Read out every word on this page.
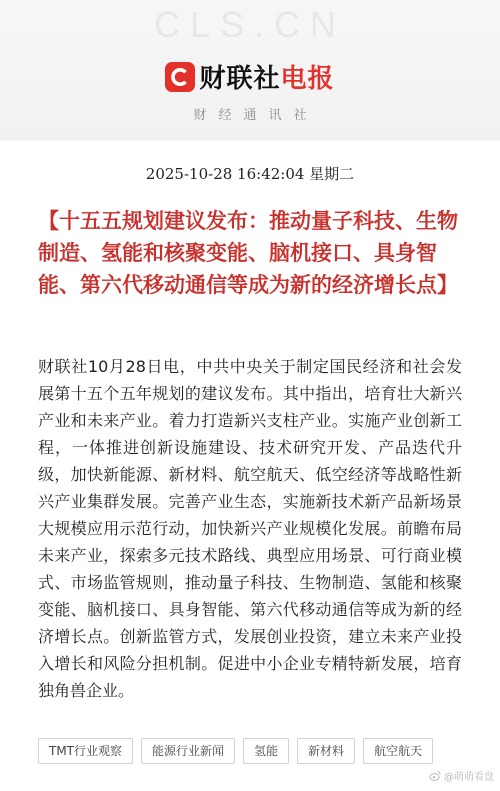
CLS.CN
财联社 电报
财经通讯社
2025-10-28 16:42:04 星期二
【十五五规划建议发布：推动量子科技、生物制造、氢能和核聚变能、脑机接口、具身智能、第六代移动通信等成为新的经济增长点】

财联社10月28日电，中共中央关于制定国民经济和社会发展第十五个五年规划的建议发布。其中指出，培育壮大新兴产业和未来产业。着力打造新兴支柱产业。实施产业创新工程，一体推进创新设施建设、技术研究开发、产品迭代升级，加快新能源、新材料、航空航天、低空经济等战略性新兴产业集群发展。完善产业生态，实施新技术新产品新场景大规模应用示范行动，加快新兴产业规模化发展。前瞻布局未来产业，探索多元技术路线、典型应用场景、可行商业模式、市场监管规则，推动量子科技、生物制造、氢能和核聚变能、脑机接口、具身智能、第六代移动通信等成为新的经济增长点。创新监管方式，发展创业投资，建立未来产业投入增长和风险分担机制。促进中小企业专精特新发展，培育独角兽企业。

TMT行业观察	能源行业新闻	氢能	新材料	航空航天
@萌萌看盘
